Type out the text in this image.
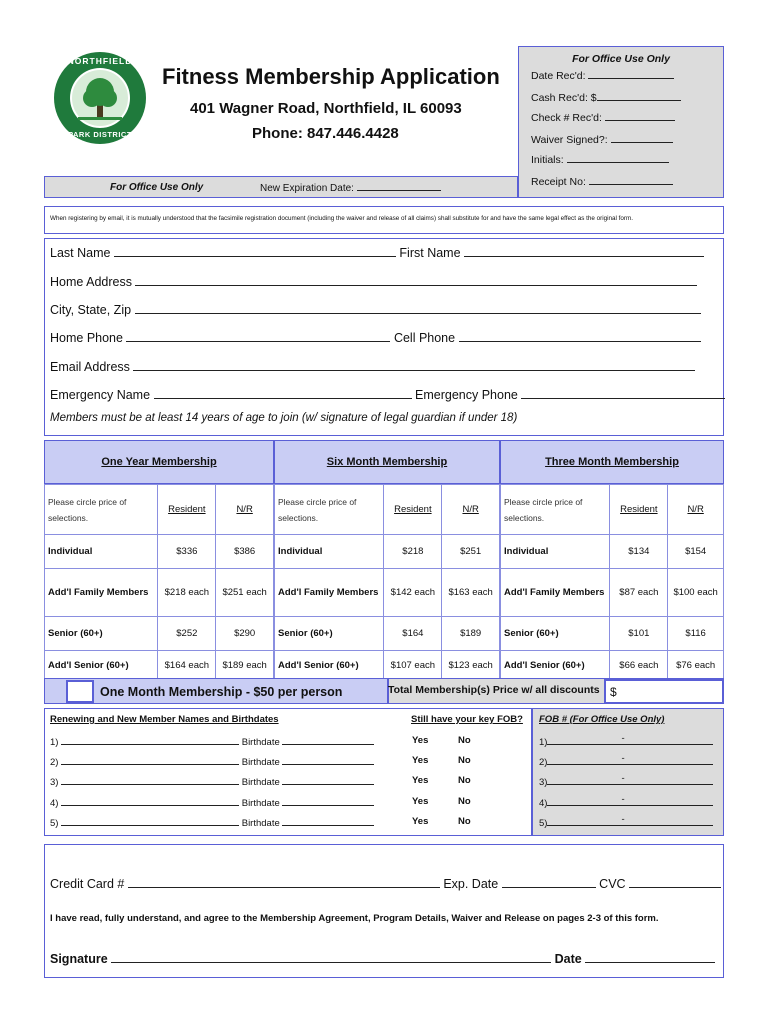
NORTHFIELD
PARK DISTRICT
Fitness Membership Application
401 Wagner Road, Northfield, IL 60093
Phone: 847.446.4428
For Office Use Only
Date Rec'd:
Cash Rec'd: $
Check # Rec'd:
Waiver Signed?:
Initials:
Receipt No:
For Office Use Only	New Expiration Date:
When registering by email, it is mutually understood that the facsimile registration document (including the waiver and release of all claims) shall substitute for and have the same legal effect as the original form.
Last Name	First Name
Home Address
City, State, Zip
Home Phone	Cell Phone
Email Address
Emergency Name	Emergency Phone
Members must be at least 14 years of age to join (w/ signature of legal guardian if under 18)
One Year Membership	Six Month Membership	Three Month Membership
Please circle price of selections.	Resident	N/R
Individual	$336	$386
Add'l Family Members	$218 each	$251 each
Senior (60+)	$252	$290
Add'l Senior (60+)	$164 each	$189 each
Please circle price of selections.	Resident	N/R
Individual	$218	$251
Add'l Family Members	$142 each	$163 each
Senior (60+)	$164	$189
Add'l Senior (60+)	$107 each	$123 each
Please circle price of selections.	Resident	N/R
Individual	$134	$154
Add'l Family Members	$87 each	$100 each
Senior (60+)	$101	$116
Add'l Senior (60+)	$66 each	$76 each
One Month Membership - $50 per person	Total Membership(s) Price w/ all discounts $
Renewing and New Member Names and Birthdates	Still have your key FOB? FOB # (For Office Use Only)
1)	Birthdate	Yes	No	1)	-
2)	Birthdate	Yes	No	2)	-
3)	Birthdate	Yes	No	3)	-
4)	Birthdate	Yes	No	4)	-
5)	Birthdate	Yes	No	5)	-
Credit Card #	Exp. Date	CVC
I have read, fully understand, and agree to the Membership Agreement, Program Details, Waiver and Release on pages 2-3 of this form.
Signature	Date
